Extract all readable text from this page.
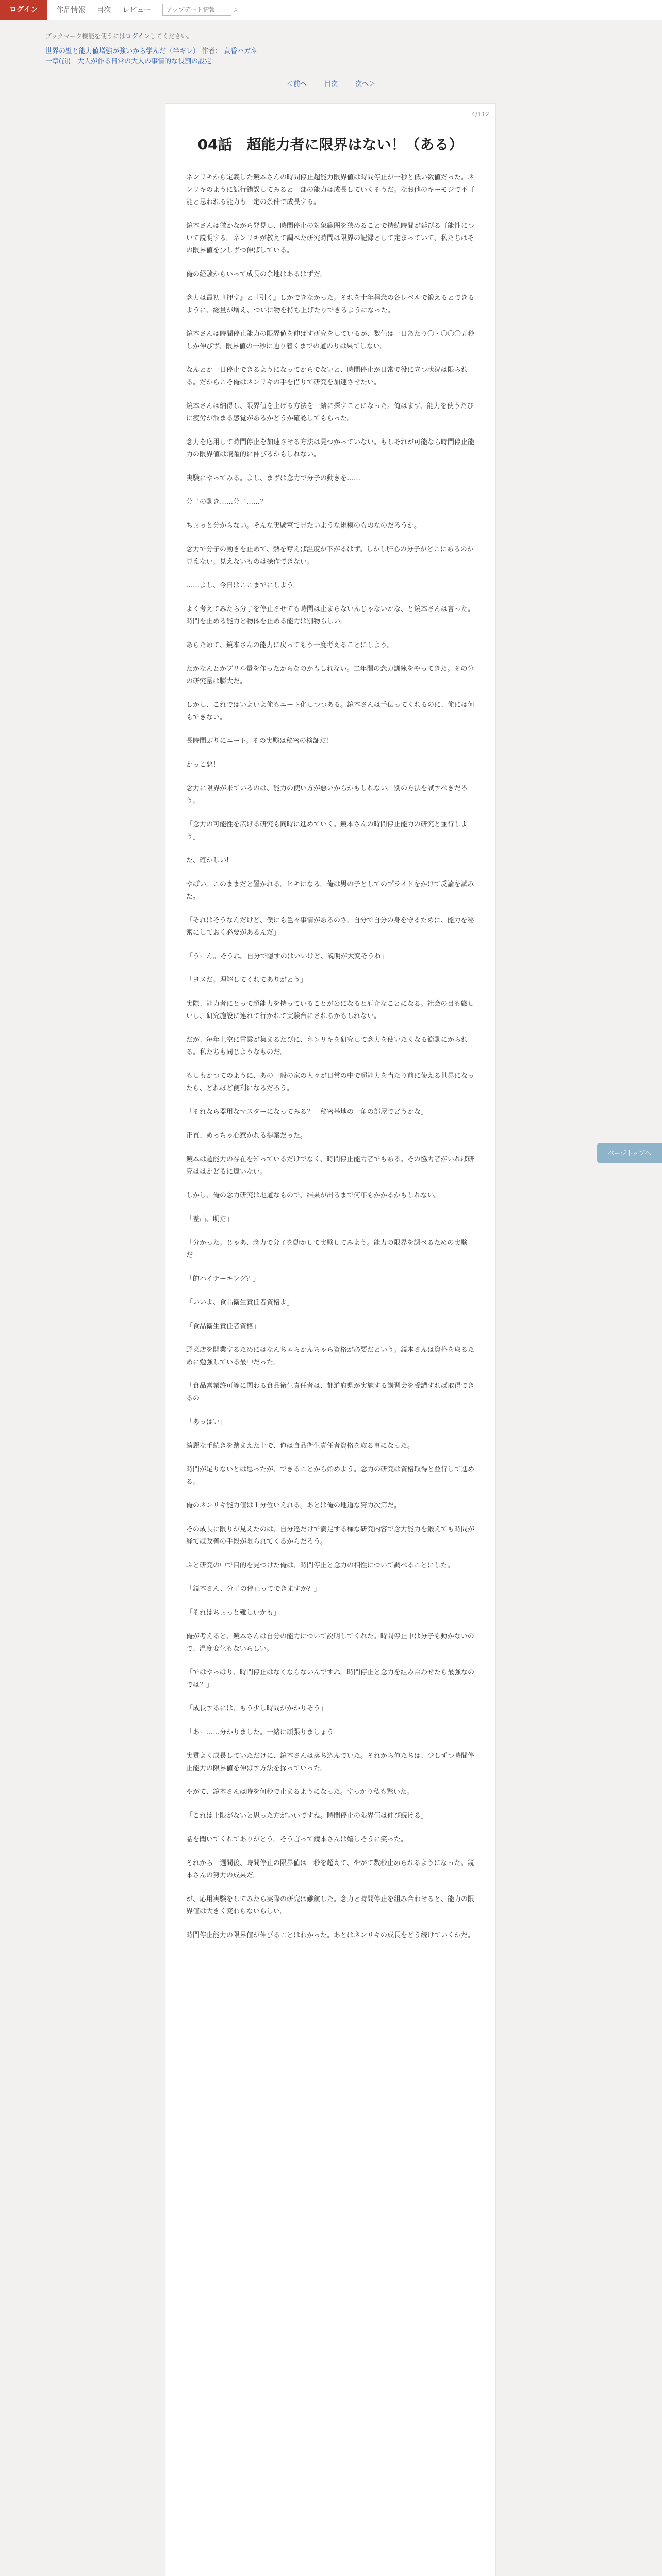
ログイン	作品情報 目次 レビュー
アップデート情報	⌕
ブックマーク機能を使うにはログインしてください。
世界の壁と能力値増強が強いから学んだ（半ギレ） 作者： 黄昏ハガネ
一章(前)　大人が作る日常の大人の事情的な役割の設定
＜前へ	目次	次へ＞
4/112
04話　超能力者に限界はない！（ある）

ネンリキから定義した鏡本さんの時間停止超能力限界値は時間停止が一秒と低い数値だった。ネンリキのように試行錯誤してみると一部の能力は成長していくそうだ。なお他のキーモジで不可能と思われる能力も一定の条件で成長する。

鏡本さんは微かながら発見し、時間停止の対象範囲を狭めることで持続時間が延びる可能性について説明する。ネンリキが教えて調べた研究時間は限界の記録として定まっていて、私たちはその限界値を少しずつ伸ばしている。

俺の経験からいって成長の余地はあるはずだ。

念力は最初『押す』と『引く』しかできなかった。それを十年程念の各レベルで鍛えるとできるように、総量が増え、ついに物を持ち上げたりできるようになった。

鏡本さんは時間停止能力の限界値を伸ばす研究をしているが、数値は一日あたり〇・〇〇〇五秒しか伸びず、限界値の一秒に辿り着くまでの道のりは果てしない。

なんとか一日停止できるようになってからでないと、時間停止が日常で役に立つ状況は限られる。だからこそ俺はネンリキの手を借りて研究を加速させたい。

鏡本さんは納得し、限界値を上げる方法を一緒に探すことになった。俺はまず、能力を使うたびに疲労が溜まる感覚があるかどうか確認してもらった。

念力を応用して時間停止を加速させる方法は見つかっていない。もしそれが可能なら時間停止能力の限界値は飛躍的に伸びるかもしれない。

実験にやってみる。よし、まずは念力で分子の動きを……

分子の動き……分子……？

ちょっと分からない。そんな実験室で見たいような規模のものなのだろうか。

念力で分子の動きを止めて、熱を奪えば温度が下がるはず。しかし肝心の分子がどこにあるのか見えない。見えないものは操作できない。

……よし、今日はここまでにしよう。

よく考えてみたら分子を停止させても時間は止まらないんじゃないかな、と鏡本さんは言った。時間を止める能力と物体を止める能力は別物らしい。

あらためて、鏡本さんの能力に戻ってもう一度考えることにしよう。

たかなんとかブリル量を作ったからなのかもしれない。二年間の念力訓練をやってきた。その分の研究量は膨大だ。

しかし、これではいよいよ俺もニート化しつつある。鏡本さんは手伝ってくれるのに、俺には何もできない。

長時間ぶりにニート。その実験は秘密の検証だ！

かっこ悪！

念力に限界が来ているのは、能力の使い方が悪いからかもしれない。別の方法を試すべきだろう。

「念力の可能性を広げる研究も同時に進めていく。鏡本さんの時間停止能力の研究と並行しよう」

た、確かしい!

やばい。このままだと置かれる。ヒキになる。俺は男の子としてのプライドをかけて反論を試みた。

「それはそうなんだけど、僕にも色々事情があるのさ。自分で自分の身を守るために、能力を秘密にしておく必要があるんだ」

「うーん。そうね。自分で隠すのはいいけど、説明が大変そうね」

「ヨメだ。理解してくれてありがとう」

実際、能力者にとって超能力を持っていることが公になると厄介なことになる。社会の目も厳しいし、研究施設に連れて行かれて実験台にされるかもしれない。

だが、毎年上空に雷雲が集まるたびに、ネンリキを研究して念力を使いたくなる衝動にかられる。私たちも同じようなものだ。

もしもかつてのように、あの一般の家の人々が日常の中で超能力を当たり前に使える世界になったら、どれほど便利になるだろう。

「それなら器用なマスターになってみる？　秘密基地の一角の部屋でどうかな」

正直、めっちゃ心惹かれる提案だった。

鏡本は超能力の存在を知っているだけでなく、時間停止能力者でもある。その協力者がいれば研究ははかどるに違いない。

しかし、俺の念力研究は地道なもので、結果が出るまで何年もかかるかもしれない。

「差出、明だ」

「分かった。じゃあ、念力で分子を動かして実験してみよう。能力の限界を調べるための実験だ」

「的ハイテーキング？」

「いいよ、食品衛生責任者資格よ」

「食品衛生責任者資格」

野菜店を開業するためにはなんちゃらかんちゃら資格が必要だという。鏡本さんは資格を取るために勉強している最中だった。

「食品営業許可等に関わる食品衛生責任者は、都道府県が実施する講習会を受講すれば取得できるの」

「あっはい」

綺麗な手続きを踏まえた上で、俺は食品衛生責任者資格を取る事になった。

時間が足りないとは思ったが、できることから始めよう。念力の研究は資格取得と並行して進める。

俺のネンリキ能力値は１分位いえれる。あとは俺の地道な努力次第だ。

その成長に限りが見えたのは、自分達だけで満足する様な研究内容で念力能力を鍛えても時間が経てば改善の手段が限られてくるからだろう。

ふと研究の中で目的を見つけた俺は、時間停止と念力の相性について調べることにした。

「鏡本さん、分子の停止ってできますか？」

「それはちょっと難しいかも」

俺が考えると、鏡本さんは自分の能力について説明してくれた。時間停止中は分子も動かないので、温度変化もないらしい。

「ではやっぱり、時間停止はなくならないんですね。時間停止と念力を組み合わせたら最強なのでは？」

「成長するには、もう少し時間がかかりそう」

「あー……分かりました。一緒に頑張りましょう」

実質よく成長していただけに、鏡本さんは落ち込んでいた。それから俺たちは、少しずつ時間停止能力の限界値を伸ばす方法を探っていった。

やがて、鏡本さんは時を何秒で止まるようになった。すっかり私も驚いた。

「これは上限がないと思った方がいいですね。時間停止の限界値は伸び続ける」

話を聞いてくれてありがとう。そう言って鏡本さんは嬉しそうに笑った。

それから一週間後、時間停止の限界値は一秒を超えて、やがて数秒止められるようになった。鏡本さんの努力の成果だ。

が、応用実験をしてみたら実際の研究は難航した。念力と時間停止を組み合わせると、能力の限界値は大きく変わらないらしい。

時間停止能力の限界値が伸びることはわかった。あとはネンリキの成長をどう続けていくかだ。

ページトップへ
